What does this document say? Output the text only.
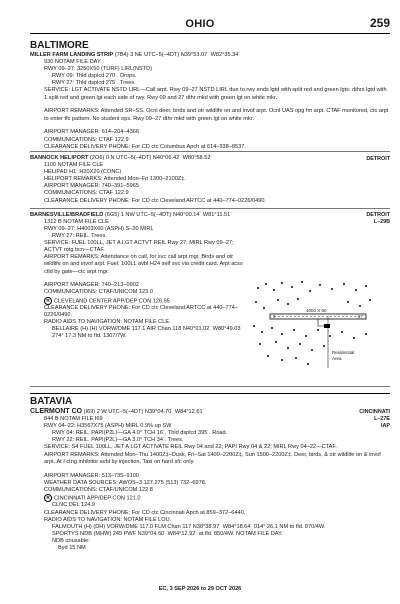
OHIO	259
BALTIMORE
MILLER FARM LANDING STRIP (7B4) 3 NE UTC–5(–4DT) N39°53.07´ W82°35.34´
930 NOTAM FILE DAY
RWY 09–27: 3250X50 (TURF) LIRL(NSTD)
RWY 09: Thld dsplcd 270´. Drops.
RWY 27: Thld dsplcd 275´. Trees.
SERVICE: LGT ACTIVATE NSTD LIRL—Call arpt. Rwy 09–27 NSTD LIRL due to rwy ends lgtd with split red and green lgts; dthrs lgtd with 1 split red and green lgt each side of rwy. Rwy 09 and 27 dthr mkd with green lgt on white mkr.
AIRPORT REMARKS: Attended SR–SS. Ocnl deer, birds and otr wildlife on and invof arpt. Ocnl UAS opg fm arpt. CTAF monitored, ctc arpt to enter tfc pattern. No student ops. Rwy 09–27 dthr mkd with green lgt on white mkr.
AIRPORT MANAGER: 614–204–4366
COMMUNICATIONS: CTAF 122.9
CLEARANCE DELIVERY PHONE: For CD ctc Columbus Apch at 614–338–8537.
DETROIT
BANNOCK HELIPORT (2O6) 0 N UTC–5(–4DT) N40°06.42´ W80°58.52´
1100 NOTAM FILE CLE
HELIPAD H1: H20X20 (CONC)
HELIPORT REMARKS: Attended Mon–Fri 1300–2100Z‡.
AIRPORT MANAGER: 740–391–5965
COMMUNICATIONS: CTAF 122.9
CLEARANCE DELIVERY PHONE: For CD ctc Cleveland ARTCC at 440–774–0226/0490.
DETROIT
L–29B
BARNESVILLE/BRADFIELD (6G5) 1 NW UTC–5(–4DT) N40°00.14´ W81°11.51´
1312 B NOTAM FILE CLE
RWY 09–27: H4003X60 (ASPH) S–30 MIRL
RWY 27: REIL. Trees.
SERVICE: FUEL 100LL, JET A LGT ACTVT REIL Rwy 27; MIRL Rwy 09–27; ACTVT rotg bcn—CTAF.
AIRPORT REMARKS: Attendance on call, for svc call arpt mgr. Birds and otr wildlife on and invof arpt. Fuel: 100LL avbl H24 self svc via credit card. Arpt acss ctld by gate—ctc arpt mgr.
AIRPORT MANAGER: 740–213–0902
COMMUNICATIONS: CTAF/UNICOM 123.0
R CLEVELAND CENTER APP/DEP CON 126.95
CLEARANCE DELIVERY PHONE: For CD ctc Cleveland ARTCC at 440–774–0226/0490.
RADIO AIDS TO NAVIGATION: NOTAM FILE CLE.
BELLAIRE (H) (H) VORW/DME 117.1 AIR Chan 118 N40°01.02´ W80°49.03´ 274° 17.3 NM to fld. 1307/7W.
4003 X 60
9	27
Residential
Area
BATAVIA
CINCINNATI
L–27E
IAP
CLERMONT CO (I69) 2 W UTC–5(–4DT) N39°04.70´ W84°12.61´
844 B NOTAM FILE I69
RWY 04–22: H3567X75 (ASPH) MIRL 0.9% up SW
RWY 04: REIL. PAPI(P2L)—GA 4.0° TCH 16´. Thld dsplcd 395´. Road.
RWY 22: REIL. PAPI(P2L)—GA 3.0° TCH 34´. Trees.
SERVICE: S4 FUEL 100LL, JET A LGT ACTIVATE REIL Rwy 04 and 22; PAPI Rwy 04 & 22; MIRL Rwy 04–22—CTAF.
AIRPORT REMARKS: Attended Mon–Thu 1400Z‡–Dusk, Fri–Sat 1400–2200Z‡, Sun 1500–2200Z‡. Deer, birds, & otr wildlife on & invof arpt. At I ctng inhibitor avbl by injection. Taxi on hard sfc only.
AIRPORT MANAGER: 513–735–9100
WEATHER DATA SOURCES: AWOS–3 127.275 (513) 732–6978.
COMMUNICATIONS: CTAF/UNICOM 122.8
R CINCINNATI APP/DEP CON 121.0
CLNC DEL 124.9
CLEARANCE DELIVERY PHONE: For CD ctc Cincinnati Apch at 859–372–6440.
RADIO AIDS TO NAVIGATION: NOTAM FILE LOU.
FALMOUTH (H) (DH) VORW/DME 117.0 FLM Chan 117 N38°38.97´ W84°18.64´ 014° 26.1 NM to fld. 870/4W.
SPORTYS NDB (MHW) 245 PWF N39°04.60´ W84°12.92´ at fld. 850/4W. NOTAM FILE DAY.
NDB unusable:
Byd 15 NM
EC, 3 SEP 2026 to 29 OCT 2026
